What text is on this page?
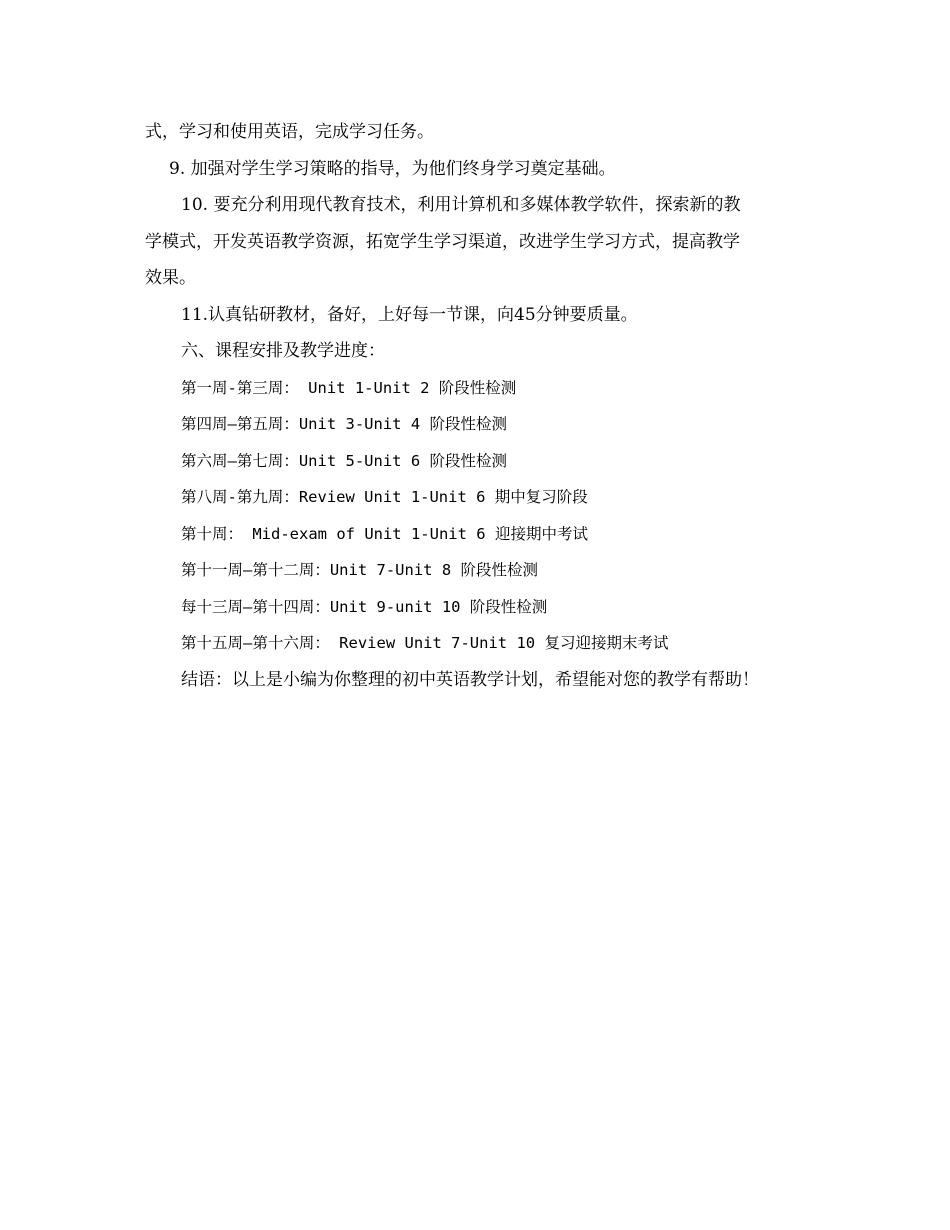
式，学习和使用英语，完成学习任务。
9. 加强对学生学习策略的指导，为他们终身学习奠定基础。
10. 要充分利用现代教育技术，利用计算机和多媒体教学软件，探索新的教
学模式，开发英语教学资源，拓宽学生学习渠道，改进学生学习方式，提高教学
效果。
11.认真钻研教材，备好，上好每一节课，向45分钟要质量。
六、课程安排及教学进度：
第一周-第三周： Unit 1-Unit 2 阶段性检测
第四周—第五周：Unit 3-Unit 4 阶段性检测
第六周—第七周：Unit 5-Unit 6 阶段性检测
第八周-第九周：Review Unit 1-Unit 6 期中复习阶段
第十周： Mid-exam of Unit 1-Unit 6 迎接期中考试
第十一周—第十二周：Unit 7-Unit 8 阶段性检测
每十三周—第十四周：Unit 9-unit 10 阶段性检测
第十五周—第十六周： Review Unit 7-Unit 10 复习迎接期末考试
结语：以上是小编为你整理的初中英语教学计划，希望能对您的教学有帮助！
